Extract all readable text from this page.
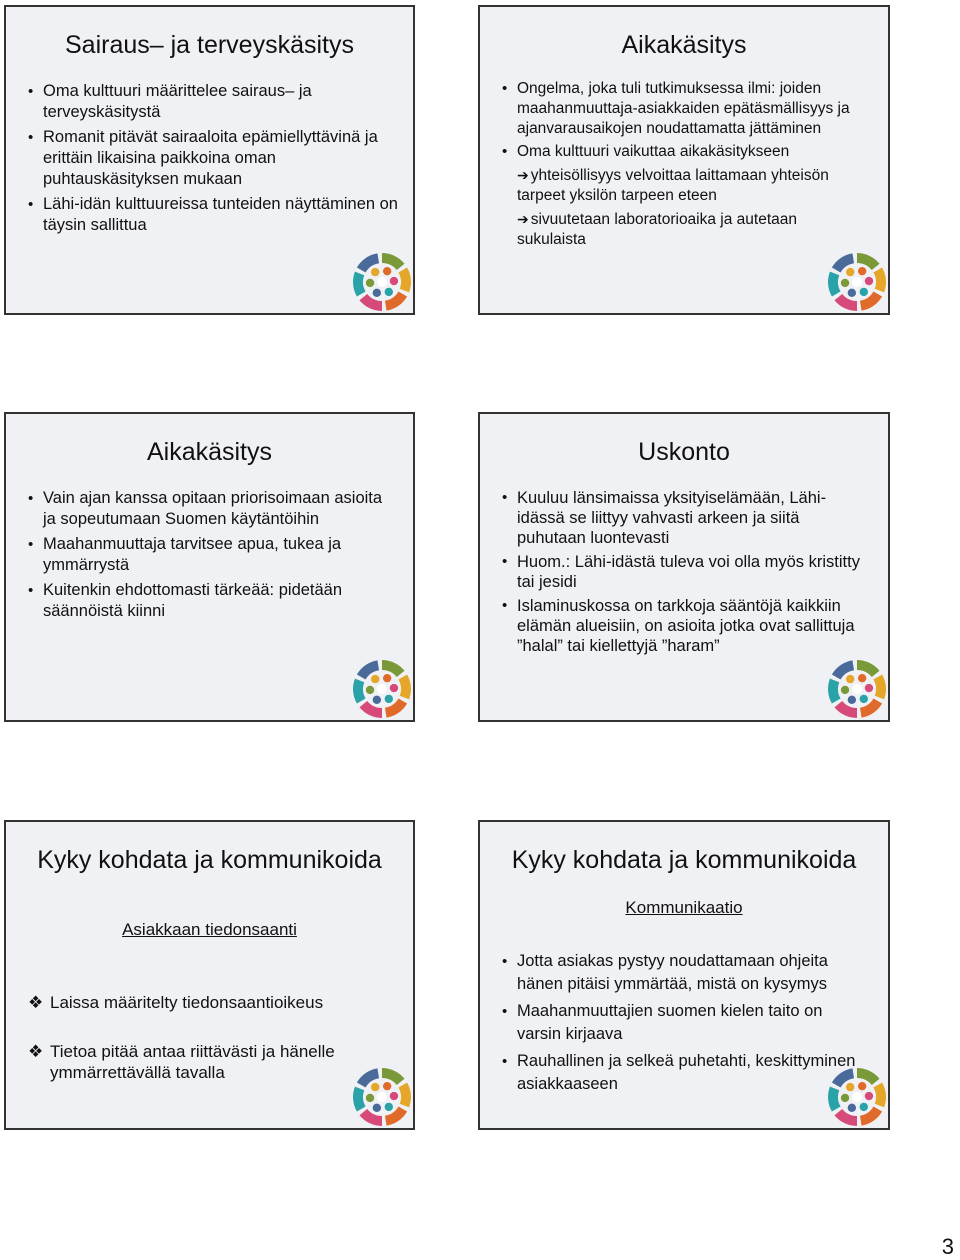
Sairaus– ja terveyskäsitys
• Oma kulttuuri määrittelee sairaus– ja terveyskäsitystä
• Romanit pitävät sairaaloita epämiellyttävinä ja erittäin likaisina paikkoina oman puhtauskäsityksen mukaan
• Lähi-idän kulttuureissa tunteiden näyttäminen on täysin sallittua
Aikakäsitys
• Ongelma, joka tuli tutkimuksessa ilmi: joiden maahanmuuttaja-asiakkaiden epätäsmällisyys ja ajanvarausaikojen noudattamatta jättäminen
• Oma kulttuuri vaikuttaa aikakäsitykseen
➔ yhteisöllisyys velvoittaa laittamaan yhteisön tarpeet yksilön tarpeen eteen
➔ sivuutetaan laboratorioaika ja autetaan sukulaista
Aikakäsitys
• Vain ajan kanssa opitaan priorisoimaan asioita ja sopeutumaan Suomen käytäntöihin
• Maahanmuuttaja tarvitsee apua, tukea ja ymmärrystä
• Kuitenkin ehdottomasti tärkeää: pidetään säännöistä kiinni
Uskonto
• Kuuluu länsimaissa yksityiselämään, Lähi-idässä se liittyy vahvasti arkeen ja siitä puhutaan luontevasti
• Huom.: Lähi-idästä tuleva voi olla myös kristitty tai jesidi
• Islaminuskossa on tarkkoja sääntöjä kaikkiin elämän alueisiin, on asioita jotka ovat sallittuja ”halal” tai kiellettyjä ”haram”
Kyky kohdata ja kommunikoida
Asiakkaan tiedonsaanti
❖ Laissa määritelty tiedonsaantioikeus
❖ Tietoa pitää antaa riittävästi ja hänelle ymmärrettävällä tavalla
Kyky kohdata ja kommunikoida
Kommunikaatio
• Jotta asiakas pystyy noudattamaan ohjeita hänen pitäisi ymmärtää, mistä on kysymys
• Maahanmuuttajien suomen kielen taito on varsin kirjaava
• Rauhallinen ja selkeä puhetahti, keskittyminen asiakkaaseen
3
